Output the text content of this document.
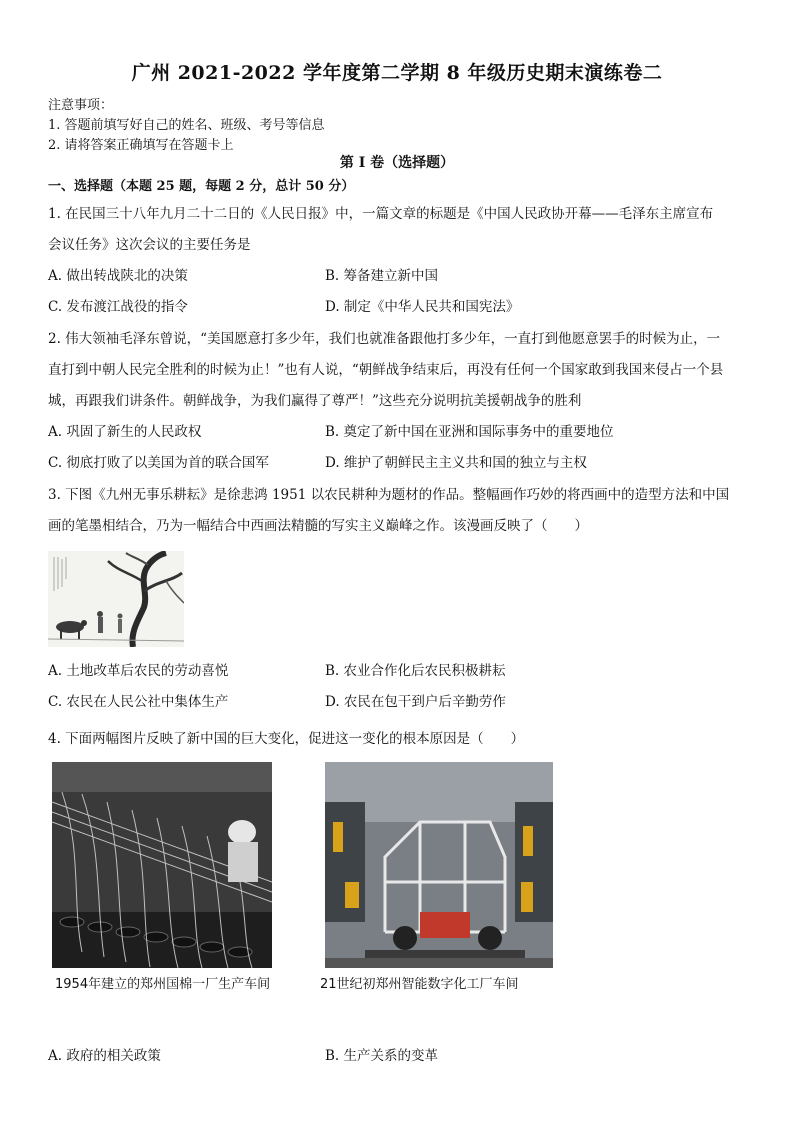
广州 2021-2022 学年度第二学期 8 年级历史期末演练卷二
注意事项：
1. 答题前填写好自己的姓名、班级、考号等信息
2. 请将答案正确填写在答题卡上
第 I 卷（选择题）
一、选择题（本题 25 题，每题 2 分，总计 50 分）
1. 在民国三十八年九月二十二日的《人民日报》中，一篇文章的标题是《中国人民政协开幕——毛泽东主席宣布
会议任务》这次会议的主要任务是
A. 做出转战陕北的决策	B. 筹备建立新中国
C. 发布渡江战役的指令	D. 制定《中华人民共和国宪法》
2. 伟大领袖毛泽东曾说，“美国愿意打多少年，我们也就准备跟他打多少年，一直打到他愿意罢手的时候为止，一
直打到中朝人民完全胜利的时候为止！”也有人说，“朝鲜战争结束后，再没有任何一个国家敢到我国来侵占一个县
城，再跟我们讲条件。朝鲜战争，为我们赢得了尊严！”这些充分说明抗美援朝战争的胜利
A. 巩固了新生的人民政权	B. 奠定了新中国在亚洲和国际事务中的重要地位
C. 彻底打败了以美国为首的联合国军	D. 维护了朝鲜民主主义共和国的独立与主权
3. 下图《九州无事乐耕耘》是徐悲鸿 1951 以农民耕种为题材的作品。整幅画作巧妙的将西画中的造型方法和中国
画的笔墨相结合，乃为一幅结合中西画法精髓的写实主义巅峰之作。该漫画反映了（　　）
A. 土地改革后农民的劳动喜悦	B. 农业合作化后农民积极耕耘
C. 农民在人民公社中集体生产	D. 农民在包干到户后辛勤劳作
4. 下面两幅图片反映了新中国的巨大变化，促进这一变化的根本原因是（　　）
1954年建立的郑州国棉一厂生产车间	21世纪初郑州智能数字化工厂车间
A. 政府的相关政策	B. 生产关系的变革
